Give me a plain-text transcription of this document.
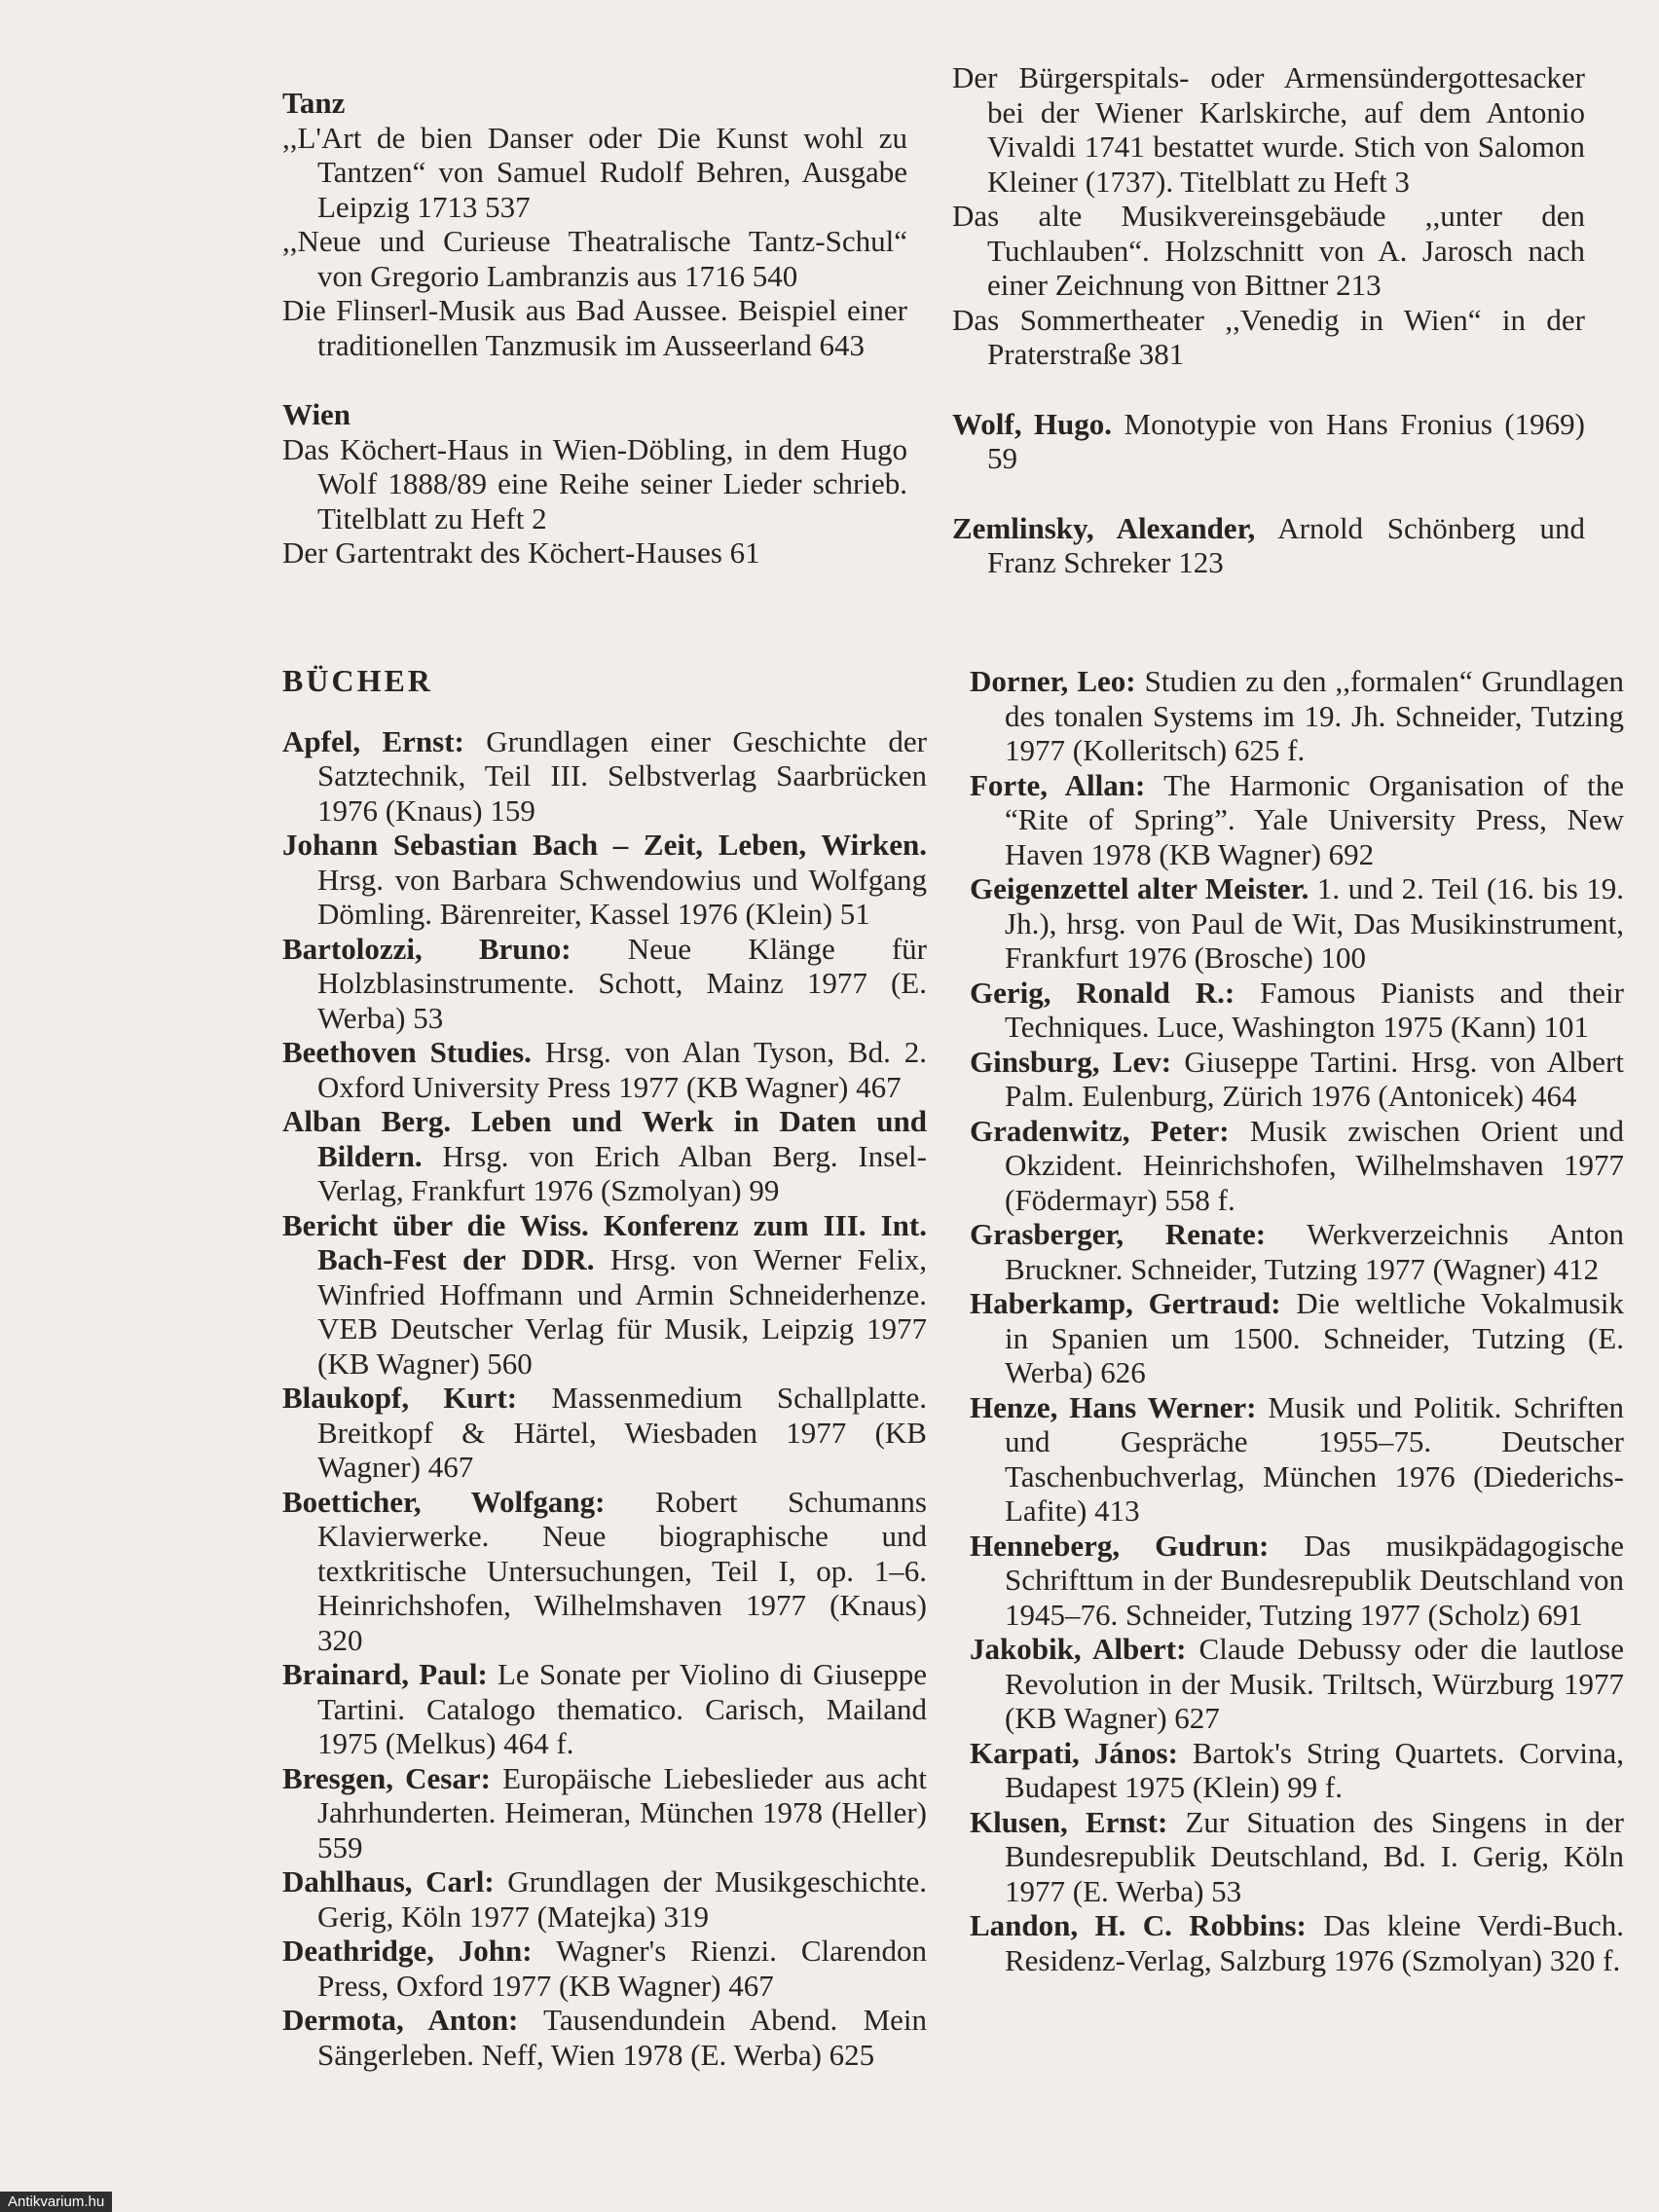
Tanz

,,L'Art de bien Danser oder Die Kunst wohl zu Tantzen“ von Samuel Rudolf Behren, Ausgabe Leipzig 1713 537

,,Neue und Curieuse Theatralische Tantz-Schul“ von Gregorio Lambranzis aus 1716 540

Die Flinserl-Musik aus Bad Aussee. Beispiel einer traditionellen Tanzmusik im Ausseerland 643

Wien

Das Köchert-Haus in Wien-Döbling, in dem Hugo Wolf 1888/89 eine Reihe seiner Lieder schrieb. Titelblatt zu Heft 2

Der Gartentrakt des Köchert-Hauses 61

Der Bürgerspitals- oder Armensündergottesacker bei der Wiener Karlskirche, auf dem Antonio Vivaldi 1741 bestattet wurde. Stich von Salomon Kleiner (1737). Titelblatt zu Heft 3

Das alte Musikvereinsgebäude ,,unter den Tuchlauben“. Holzschnitt von A. Jarosch nach einer Zeichnung von Bittner 213

Das Sommertheater ,,Venedig in Wien“ in der Praterstraße 381

Wolf, Hugo. Monotypie von Hans Fronius (1969) 59

Zemlinsky, Alexander, Arnold Schönberg und Franz Schreker 123

BÜCHER

Apfel, Ernst: Grundlagen einer Geschichte der Satztechnik, Teil III. Selbstverlag Saarbrücken 1976 (Knaus) 159

Johann Sebastian Bach – Zeit, Leben, Wirken. Hrsg. von Barbara Schwendowius und Wolfgang Dömling. Bärenreiter, Kassel 1976 (Klein) 51

Bartolozzi, Bruno: Neue Klänge für Holzblasinstrumente. Schott, Mainz 1977 (E. Werba) 53

Beethoven Studies. Hrsg. von Alan Tyson, Bd. 2. Oxford University Press 1977 (KB Wagner) 467

Alban Berg. Leben und Werk in Daten und Bildern. Hrsg. von Erich Alban Berg. Insel-Verlag, Frankfurt 1976 (Szmolyan) 99

Bericht über die Wiss. Konferenz zum III. Int. Bach-Fest der DDR. Hrsg. von Werner Felix, Winfried Hoffmann und Armin Schneiderhenze. VEB Deutscher Verlag für Musik, Leipzig 1977 (KB Wagner) 560

Blaukopf, Kurt: Massenmedium Schallplatte. Breitkopf & Härtel, Wiesbaden 1977 (KB Wagner) 467

Boetticher, Wolfgang: Robert Schumanns Klavierwerke. Neue biographische und textkritische Untersuchungen, Teil I, op. 1–6. Heinrichshofen, Wilhelmshaven 1977 (Knaus) 320

Brainard, Paul: Le Sonate per Violino di Giuseppe Tartini. Catalogo thematico. Carisch, Mailand 1975 (Melkus) 464 f.

Bresgen, Cesar: Europäische Liebeslieder aus acht Jahrhunderten. Heimeran, München 1978 (Heller) 559

Dahlhaus, Carl: Grundlagen der Musikgeschichte. Gerig, Köln 1977 (Matejka) 319

Deathridge, John: Wagner's Rienzi. Clarendon Press, Oxford 1977 (KB Wagner) 467

Dermota, Anton: Tausendundein Abend. Mein Sängerleben. Neff, Wien 1978 (E. Werba) 625

Dorner, Leo: Studien zu den ,,formalen“ Grundlagen des tonalen Systems im 19. Jh. Schneider, Tutzing 1977 (Kolleritsch) 625 f.

Forte, Allan: The Harmonic Organisation of the “Rite of Spring”. Yale University Press, New Haven 1978 (KB Wagner) 692

Geigenzettel alter Meister. 1. und 2. Teil (16. bis 19. Jh.), hrsg. von Paul de Wit, Das Musikinstrument, Frankfurt 1976 (Brosche) 100

Gerig, Ronald R.: Famous Pianists and their Techniques. Luce, Washington 1975 (Kann) 101

Ginsburg, Lev: Giuseppe Tartini. Hrsg. von Albert Palm. Eulenburg, Zürich 1976 (Antonicek) 464

Gradenwitz, Peter: Musik zwischen Orient und Okzident. Heinrichshofen, Wilhelmshaven 1977 (Födermayr) 558 f.

Grasberger, Renate: Werkverzeichnis Anton Bruckner. Schneider, Tutzing 1977 (Wagner) 412

Haberkamp, Gertraud: Die weltliche Vokalmusik in Spanien um 1500. Schneider, Tutzing (E. Werba) 626

Henze, Hans Werner: Musik und Politik. Schriften und Gespräche 1955–75. Deutscher Taschenbuchverlag, München 1976 (Diederichs-Lafite) 413

Henneberg, Gudrun: Das musikpädagogische Schrifttum in der Bundesrepublik Deutschland von 1945–76. Schneider, Tutzing 1977 (Scholz) 691

Jakobik, Albert: Claude Debussy oder die lautlose Revolution in der Musik. Triltsch, Würzburg 1977 (KB Wagner) 627

Karpati, János: Bartok's String Quartets. Corvina, Budapest 1975 (Klein) 99 f.

Klusen, Ernst: Zur Situation des Singens in der Bundesrepublik Deutschland, Bd. I. Gerig, Köln 1977 (E. Werba) 53

Landon, H. C. Robbins: Das kleine Verdi-Buch. Residenz-Verlag, Salzburg 1976 (Szmolyan) 320 f.

Antikvarium.hu
